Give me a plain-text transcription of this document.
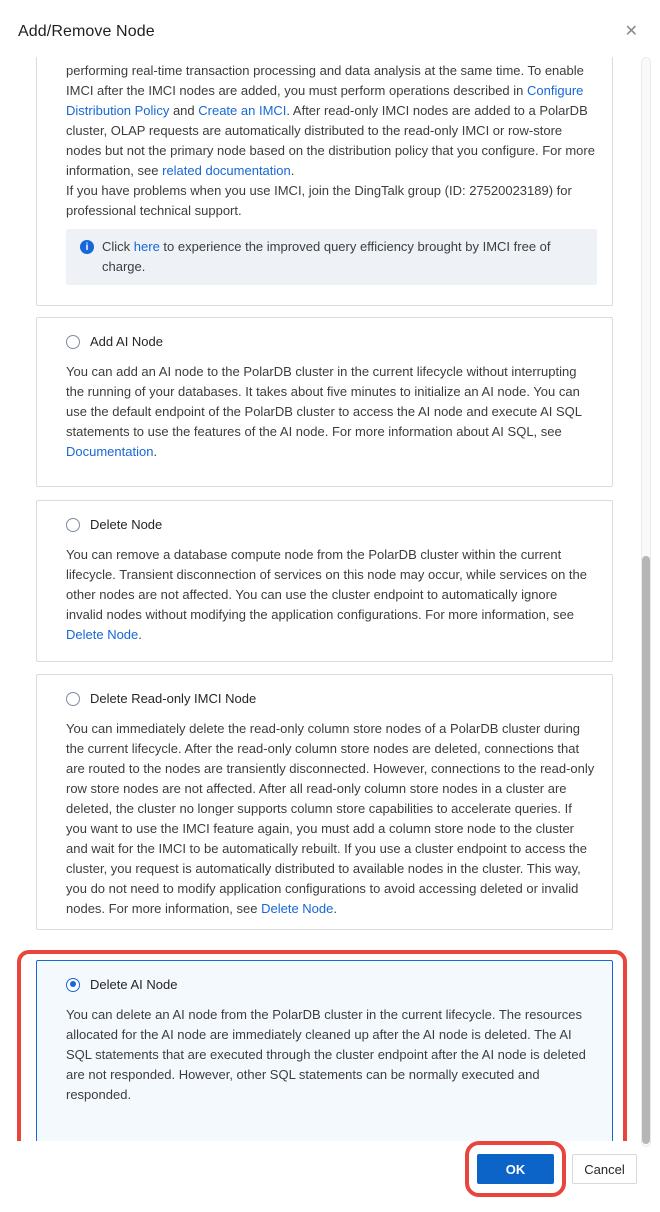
Add/Remove Node	✕

performing real-time transaction processing and data analysis at the same time. To enable IMCI after the IMCI nodes are added, you must perform operations described in Configure Distribution Policy and Create an IMCI. After read-only IMCI nodes are added to a PolarDB cluster, OLAP requests are automatically distributed to the read-only IMCI or row-store nodes but not the primary node based on the distribution policy that you configure. For more information, see related documentation.

If you have problems when you use IMCI, join the DingTalk group (ID: 27520023189) for professional technical support.

i	Click here to experience the improved query efficiency brought by IMCI free of charge.

Add AI Node

You can add an AI node to the PolarDB cluster in the current lifecycle without interrupting the running of your databases. It takes about five minutes to initialize an AI node. You can use the default endpoint of the PolarDB cluster to access the AI node and execute AI SQL statements to use the features of the AI node. For more information about AI SQL, see Documentation.

Delete Node

You can remove a database compute node from the PolarDB cluster within the current lifecycle. Transient disconnection of services on this node may occur, while services on the other nodes are not affected. You can use the cluster endpoint to automatically ignore invalid nodes without modifying the application configurations. For more information, see Delete Node.

Delete Read-only IMCI Node

You can immediately delete the read-only column store nodes of a PolarDB cluster during the current lifecycle. After the read-only column store nodes are deleted, connections that are routed to the nodes are transiently disconnected. However, connections to the read-only row store nodes are not affected. After all read-only column store nodes in a cluster are deleted, the cluster no longer supports column store capabilities to accelerate queries. If you want to use the IMCI feature again, you must add a column store node to the cluster and wait for the IMCI to be automatically rebuilt. If you use a cluster endpoint to access the cluster, you request is automatically distributed to available nodes in the cluster. This way, you do not need to modify application configurations to avoid accessing deleted or invalid nodes. For more information, see Delete Node.

Delete AI Node

You can delete an AI node from the PolarDB cluster in the current lifecycle. The resources allocated for the AI node are immediately cleaned up after the AI node is deleted. The AI SQL statements that are executed through the cluster endpoint after the AI node is deleted are not responded. However, other SQL statements can be normally executed and responded.

OK	Cancel
